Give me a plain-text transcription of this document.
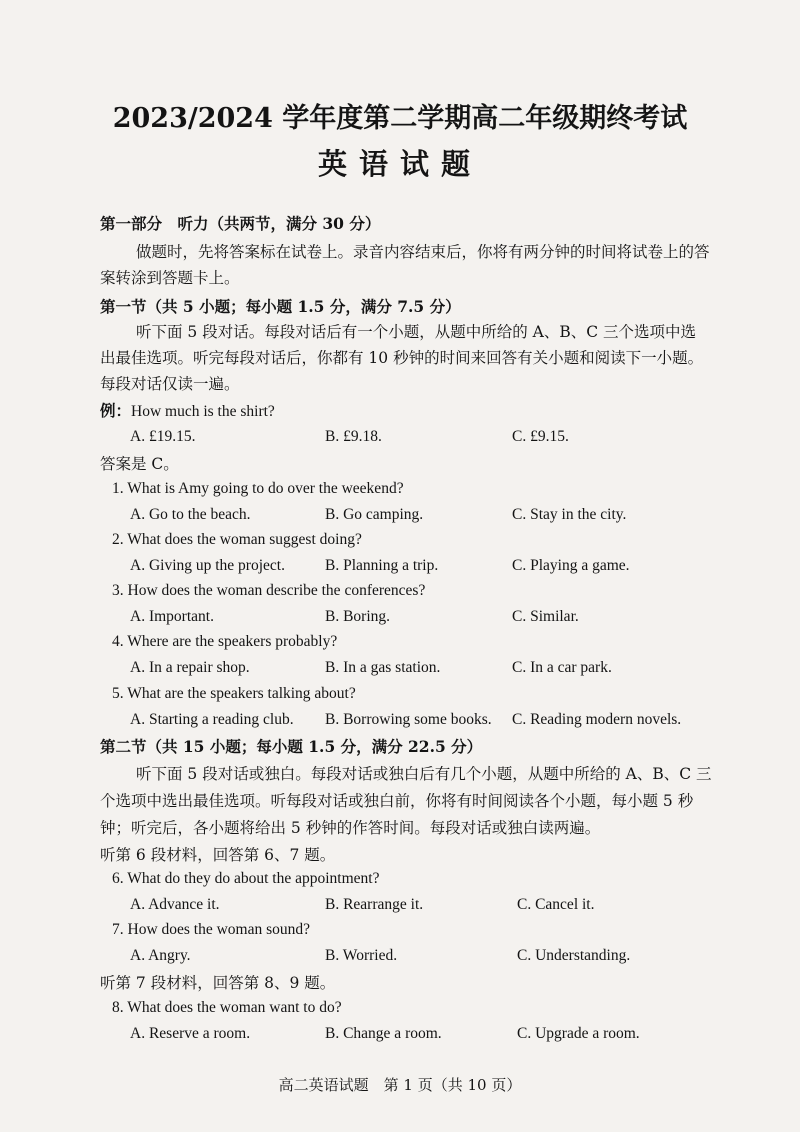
2023/2024 学年度第二学期高二年级期终考试
英语试题
第一部分　听力（共两节，满分 30 分）
做题时，先将答案标在试卷上。录音内容结束后，你将有两分钟的时间将试卷上的答
案转涂到答题卡上。
第一节（共 5 小题；每小题 1.5 分，满分 7.5 分）
听下面 5 段对话。每段对话后有一个小题，从题中所给的 A、B、C 三个选项中选
出最佳选项。听完每段对话后，你都有 10 秒钟的时间来回答有关小题和阅读下一小题。
每段对话仅读一遍。
例：How much is the shirt?
A. £19.15.	B. £9.18.	C. £9.15.
答案是 C。
1. What is Amy going to do over the weekend?
A. Go to the beach.	B. Go camping.	C. Stay in the city.
2. What does the woman suggest doing?
A. Giving up the project.	B. Planning a trip.	C. Playing a game.
3. How does the woman describe the conferences?
A. Important.	B. Boring.	C. Similar.
4. Where are the speakers probably?
A. In a repair shop.	B. In a gas station.	C. In a car park.
5. What are the speakers talking about?
A. Starting a reading club. B. Borrowing some books. C. Reading modern novels.
第二节（共 15 小题；每小题 1.5 分，满分 22.5 分）
听下面 5 段对话或独白。每段对话或独白后有几个小题，从题中所给的 A、B、C 三
个选项中选出最佳选项。听每段对话或独白前，你将有时间阅读各个小题，每小题 5 秒
钟；听完后，各小题将给出 5 秒钟的作答时间。每段对话或独白读两遍。
听第 6 段材料，回答第 6、7 题。
6. What do they do about the appointment?
A. Advance it.	B. Rearrange it.	C. Cancel it.
7. How does the woman sound?
A. Angry.	B. Worried.	C. Understanding.
听第 7 段材料，回答第 8、9 题。
8. What does the woman want to do?
A. Reserve a room.	B. Change a room.	C. Upgrade a room.
高二英语试题　第 1 页（共 10 页）
